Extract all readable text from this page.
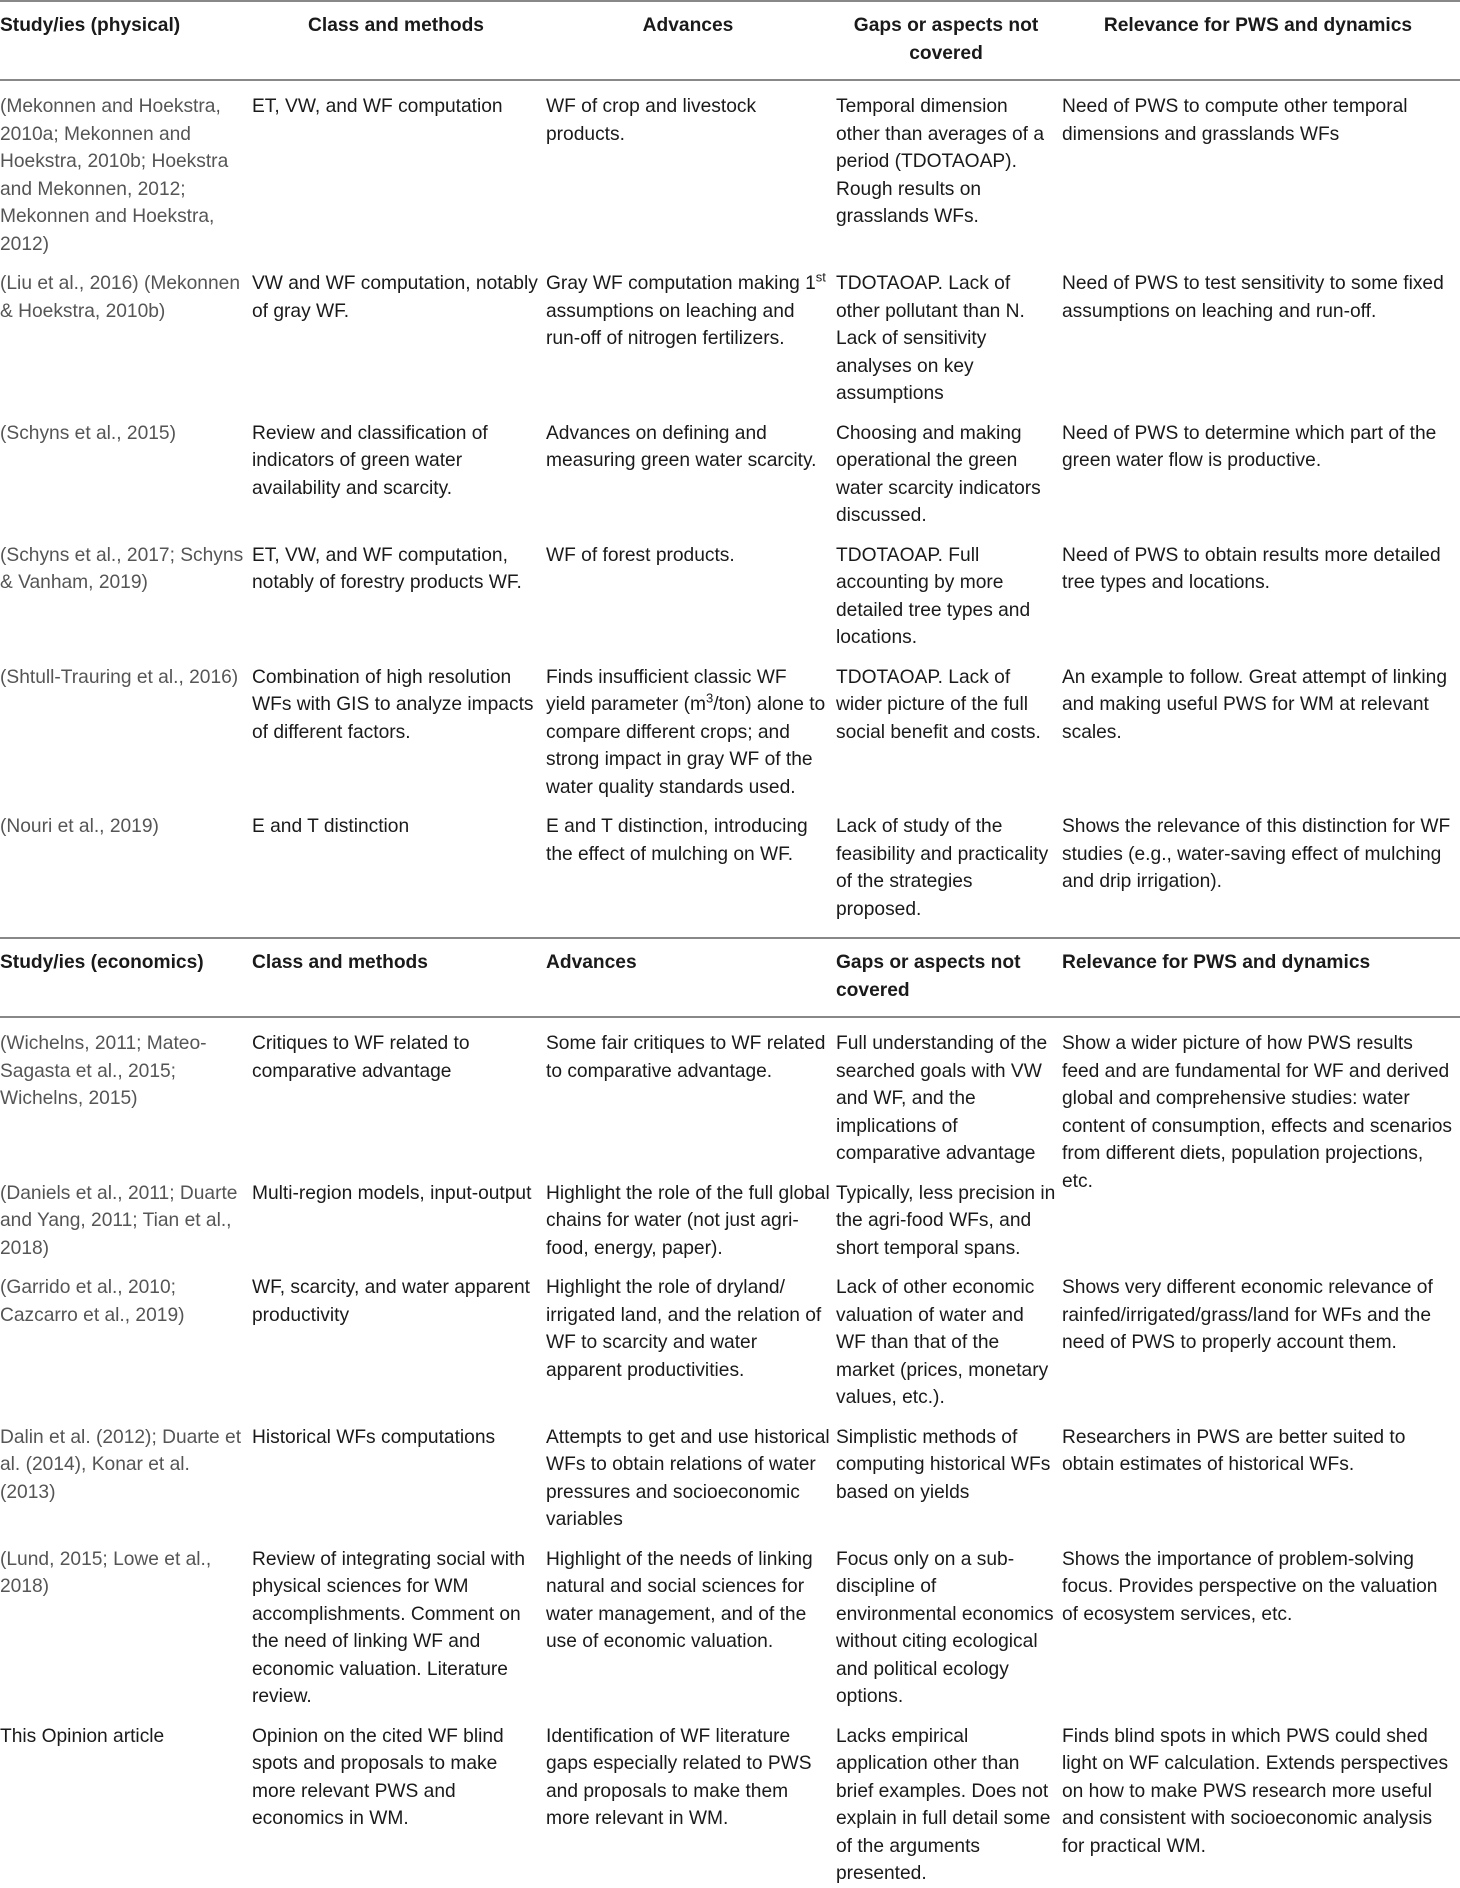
Study/ies (physical)	Class and methods	Advances	Gaps or aspects not covered	Relevance for PWS and dynamics
(Mekonnen and Hoekstra, 2010a; Mekonnen and Hoekstra, 2010b; Hoekstra and Mekonnen, 2012; Mekonnen and Hoekstra, 2012)	ET, VW, and WF computation	WF of crop and livestock products.	Temporal dimension other than averages of a period (TDOTAOAP). Rough results on grasslands WFs.	Need of PWS to compute other temporal dimensions and grasslands WFs
(Liu et al., 2016) (Mekonnen & Hoekstra, 2010b)	VW and WF computation, notably of gray WF.	Gray WF computation making 1st assumptions on leaching and run-off of nitrogen fertilizers.	TDOTAOAP. Lack of other pollutant than N. Lack of sensitivity analyses on key assumptions	Need of PWS to test sensitivity to some fixed assumptions on leaching and run-off.
(Schyns et al., 2015)	Review and classification of indicators of green water availability and scarcity.	Advances on defining and measuring green water scarcity.	Choosing and making operational the green water scarcity indicators discussed.	Need of PWS to determine which part of the green water flow is productive.
(Schyns et al., 2017; Schyns & Vanham, 2019)	ET, VW, and WF computation, notably of forestry products WF.	WF of forest products.	TDOTAOAP. Full accounting by more detailed tree types and locations.	Need of PWS to obtain results more detailed tree types and locations.
(Shtull-Trauring et al., 2016)	Combination of high resolution WFs with GIS to analyze impacts of different factors.	Finds insufficient classic WF yield parameter $(m^3/ton)$ alone to compare different crops; and strong impact in gray WF of the water quality standards used.	TDOTAOAP. Lack of wider picture of the full social benefit and costs.	An example to follow. Great attempt of linking and making useful PWS for WM at relevant scales.
(Nouri et al., 2019)	E and T distinction	E and T distinction, introducing the effect of mulching on WF.	Lack of study of the feasibility and practicality of the strategies proposed.	Shows the relevance of this distinction for WF studies (e.g., water-saving effect of mulching and drip irrigation).
Study/ies (economics)	Class and methods	Advances	Gaps or aspects not covered	Relevance for PWS and dynamics
(Wichelns, 2011; Mateo-Sagasta et al., 2015; Wichelns, 2015)	Critiques to WF related to comparative advantage	Some fair critiques to WF related to comparative advantage.	Full understanding of the searched goals with VW and WF, and the implications of comparative advantage	Show a wider picture of how PWS results feed and are fundamental for WF and derived global and comprehensive studies: water content of consumption, effects and scenarios from different diets, population projections, etc.
(Daniels et al., 2011; Duarte and Yang, 2011; Tian et al., 2018)	Multi-region models, input-output	Highlight the role of the full global chains for water (not just agri-food, energy, paper).	Typically, less precision in the agri-food WFs, and short temporal spans.	
(Garrido et al., 2010; Cazcarro et al., 2019)	WF, scarcity, and water apparent productivity	Highlight the role of dryland/ irrigated land, and the relation of WF to scarcity and water apparent productivities.	Lack of other economic valuation of water and WF than that of the market (prices, monetary values, etc.).	Shows very different economic relevance of rainfed/irrigated/grass/land for WFs and the need of PWS to properly account them.
Dalin et al. (2012); Duarte et al. (2014), Konar et al. (2013)	Historical WFs computations	Attempts to get and use historical WFs to obtain relations of water pressures and socioeconomic variables	Simplistic methods of computing historical WFs based on yields	Researchers in PWS are better suited to obtain estimates of historical WFs.
(Lund, 2015; Lowe et al., 2018)	Review of integrating social with physical sciences for WM accomplishments. Comment on the need of linking WF and economic valuation. Literature review.	Highlight of the needs of linking natural and social sciences for water management, and of the use of economic valuation.	Focus only on a sub-discipline of environmental economics without citing ecological and political ecology options.	Shows the importance of problem-solving focus. Provides perspective on the valuation of ecosystem services, etc.
This Opinion article	Opinion on the cited WF blind spots and proposals to make more relevant PWS and economics in WM.	Identification of WF literature gaps especially related to PWS and proposals to make them more relevant in WM.	Lacks empirical application other than brief examples. Does not explain in full detail some of the arguments presented.	Finds blind spots in which PWS could shed light on WF calculation. Extends perspectives on how to make PWS research more useful and consistent with socioeconomic analysis for practical WM.
